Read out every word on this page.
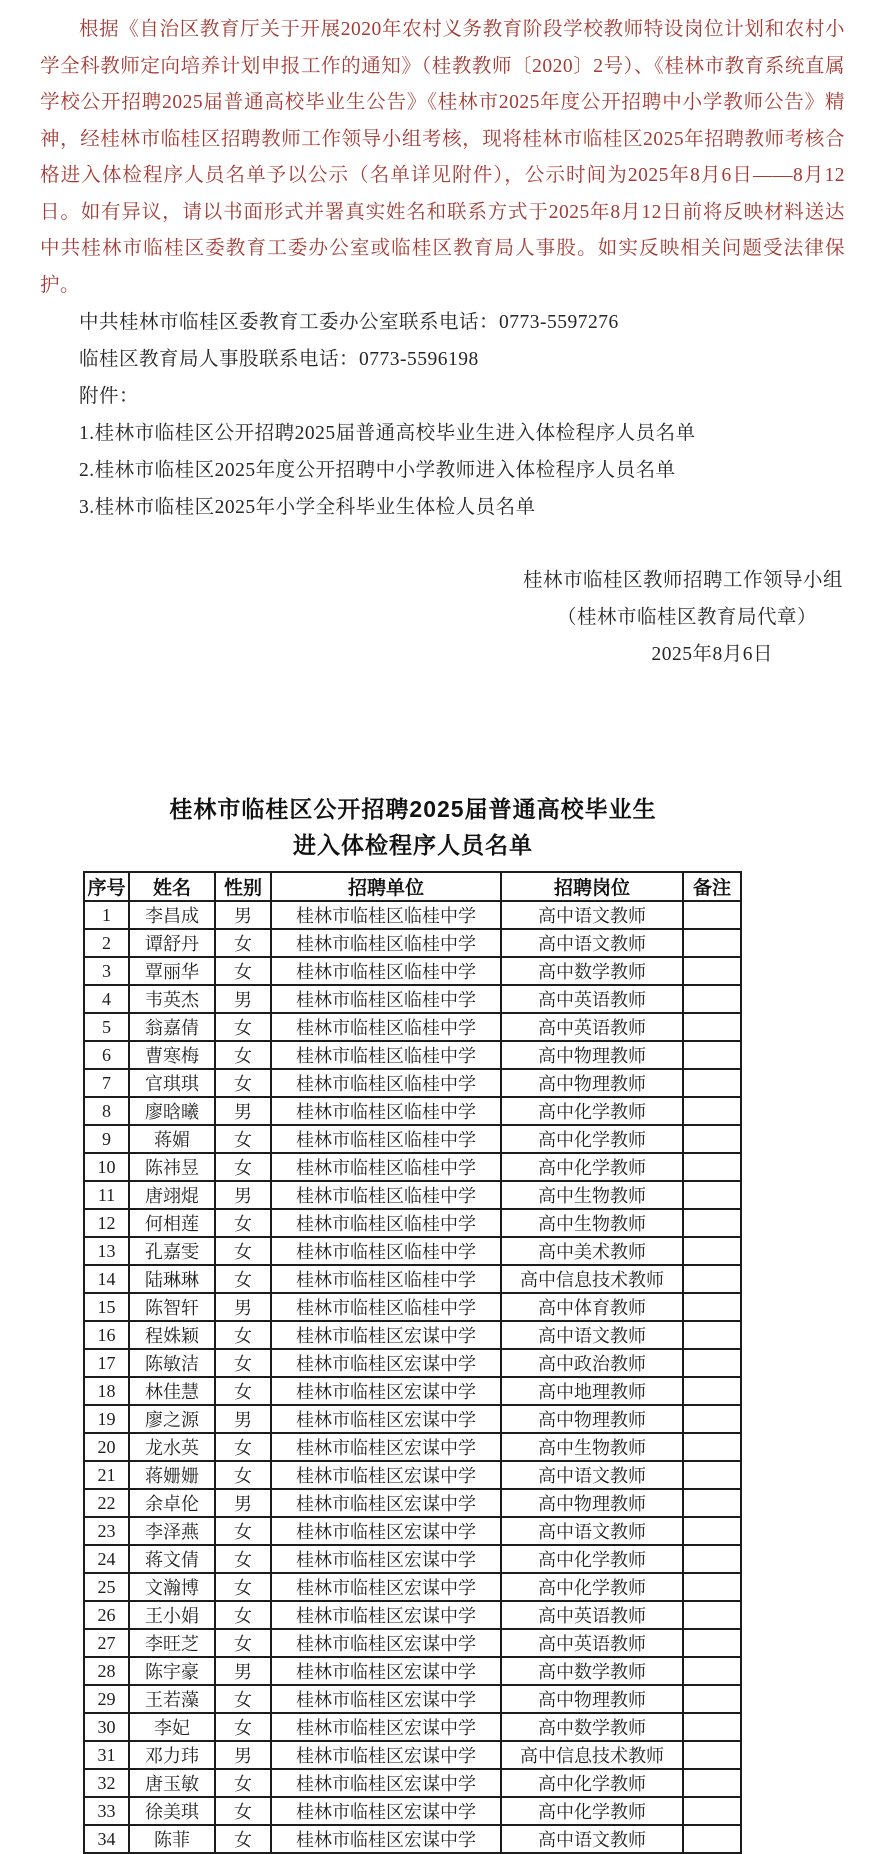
根据《自治区教育厅关于开展2020年农村义务教育阶段学校教师特设岗位计划和农村小学全科教师定向培养计划申报工作的通知》（桂教教师〔2020〕2号）、《桂林市教育系统直属学校公开招聘2025届普通高校毕业生公告》《桂林市2025年度公开招聘中小学教师公告》精神，经桂林市临桂区招聘教师工作领导小组考核，现将桂林市临桂区2025年招聘教师考核合格进入体检程序人员名单予以公示（名单详见附件），公示时间为2025年8月6日——8月12日。如有异议，请以书面形式并署真实姓名和联系方式于2025年8月12日前将反映材料送达中共桂林市临桂区委教育工委办公室或临桂区教育局人事股。如实反映相关问题受法律保护。

中共桂林市临桂区委教育工委办公室联系电话：0773-5597276

临桂区教育局人事股联系电话：0773-5596198

附件：

1.桂林市临桂区公开招聘2025届普通高校毕业生进入体检程序人员名单
2.桂林市临桂区2025年度公开招聘中小学教师进入体检程序人员名单
3.桂林市临桂区2025年小学全科毕业生体检人员名单
桂林市临桂区教师招聘工作领导小组
（桂林市临桂区教育局代章）
2025年8月6日
桂林市临桂区公开招聘2025届普通高校毕业生
进入体检程序人员名单
序号	姓名	性别	招聘单位	招聘岗位	备注
1	李昌成	男	桂林市临桂区临桂中学	高中语文教师	
2	谭舒丹	女	桂林市临桂区临桂中学	高中语文教师	
3	覃丽华	女	桂林市临桂区临桂中学	高中数学教师	
4	韦英杰	男	桂林市临桂区临桂中学	高中英语教师	
5	翁嘉倩	女	桂林市临桂区临桂中学	高中英语教师	
6	曹寒梅	女	桂林市临桂区临桂中学	高中物理教师	
7	官琪琪	女	桂林市临桂区临桂中学	高中物理教师	
8	廖晗曦	男	桂林市临桂区临桂中学	高中化学教师	
9	蒋媚	女	桂林市临桂区临桂中学	高中化学教师	
10	陈祎昱	女	桂林市临桂区临桂中学	高中化学教师	
11	唐翊焜	男	桂林市临桂区临桂中学	高中生物教师	
12	何相莲	女	桂林市临桂区临桂中学	高中生物教师	
13	孔嘉雯	女	桂林市临桂区临桂中学	高中美术教师	
14	陆琳琳	女	桂林市临桂区临桂中学	高中信息技术教师	
15	陈智轩	男	桂林市临桂区临桂中学	高中体育教师	
16	程姝颖	女	桂林市临桂区宏谋中学	高中语文教师	
17	陈敏洁	女	桂林市临桂区宏谋中学	高中政治教师	
18	林佳慧	女	桂林市临桂区宏谋中学	高中地理教师	
19	廖之源	男	桂林市临桂区宏谋中学	高中物理教师	
20	龙水英	女	桂林市临桂区宏谋中学	高中生物教师	
21	蒋姗姗	女	桂林市临桂区宏谋中学	高中语文教师	
22	余卓伦	男	桂林市临桂区宏谋中学	高中物理教师	
23	李泽燕	女	桂林市临桂区宏谋中学	高中语文教师	
24	蒋文倩	女	桂林市临桂区宏谋中学	高中化学教师	
25	文瀚博	女	桂林市临桂区宏谋中学	高中化学教师	
26	王小娟	女	桂林市临桂区宏谋中学	高中英语教师	
27	李旺芝	女	桂林市临桂区宏谋中学	高中英语教师	
28	陈宇豪	男	桂林市临桂区宏谋中学	高中数学教师	
29	王若藻	女	桂林市临桂区宏谋中学	高中物理教师	
30	李妃	女	桂林市临桂区宏谋中学	高中数学教师	
31	邓力玮	男	桂林市临桂区宏谋中学	高中信息技术教师	
32	唐玉敏	女	桂林市临桂区宏谋中学	高中化学教师	
33	徐美琪	女	桂林市临桂区宏谋中学	高中化学教师	
34	陈菲	女	桂林市临桂区宏谋中学	高中语文教师	
